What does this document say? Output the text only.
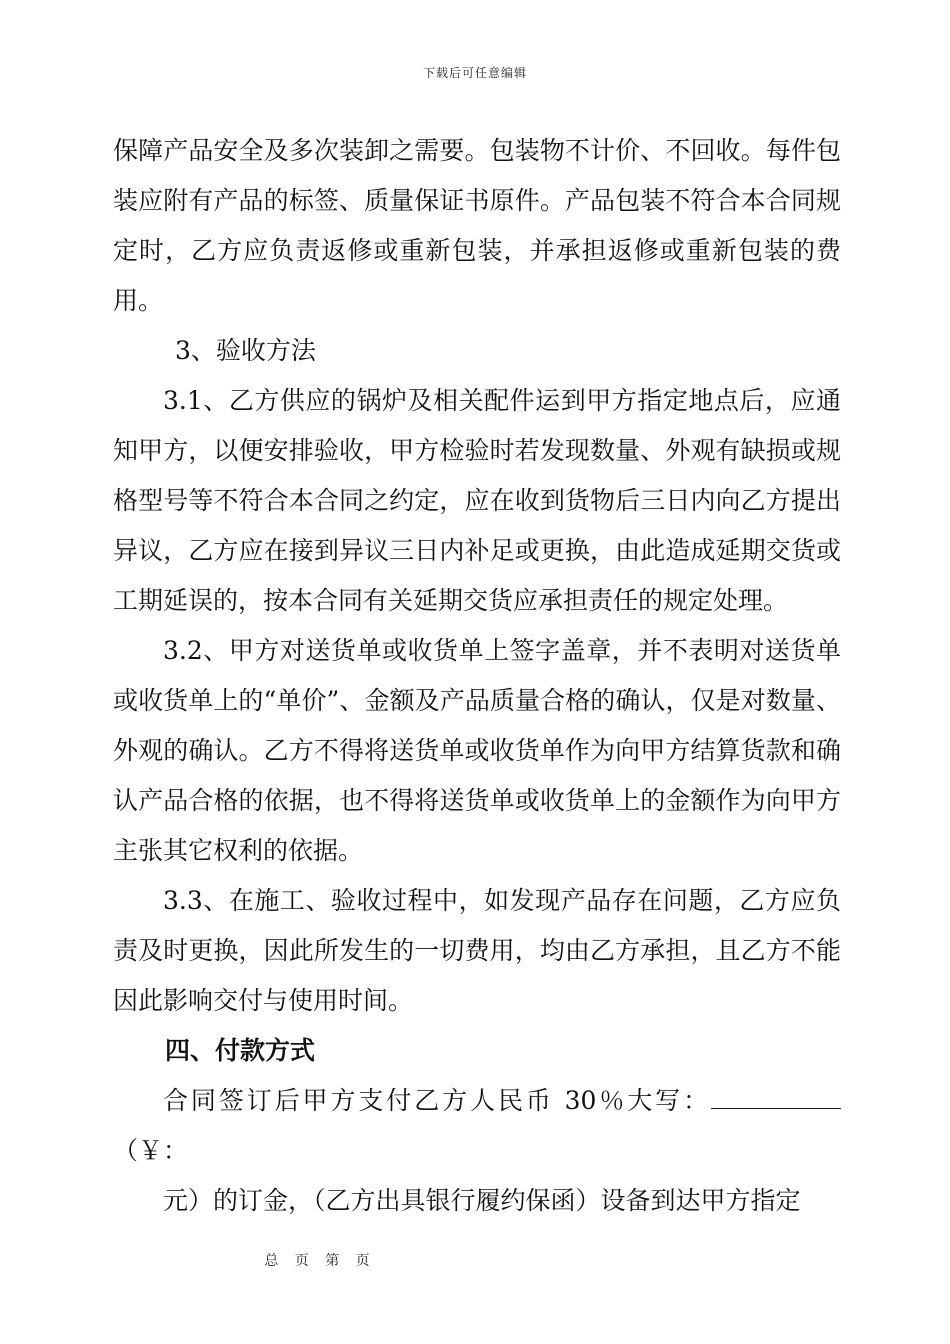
下载后可任意编辑

保障产品安全及多次装卸之需要。包装物不计价、不回收。每件包装应附有产品的标签、质量保证书原件。产品包装不符合本合同规定时，乙方应负责返修或重新包装，并承担返修或重新包装的费用。

3、验收方法

3.1、乙方供应的锅炉及相关配件运到甲方指定地点后，应通知甲方，以便安排验收，甲方检验时若发现数量、外观有缺损或规格型号等不符合本合同之约定，应在收到货物后三日内向乙方提出异议，乙方应在接到异议三日内补足或更换，由此造成延期交货或工期延误的，按本合同有关延期交货应承担责任的规定处理。

3.2、甲方对送货单或收货单上签字盖章，并不表明对送货单或收货单上的“单价”、金额及产品质量合格的确认，仅是对数量、外观的确认。乙方不得将送货单或收货单作为向甲方结算货款和确认产品合格的依据，也不得将送货单或收货单上的金额作为向甲方主张其它权利的依据。

3.3、在施工、验收过程中，如发现产品存在问题，乙方应负责及时更换，因此所发生的一切费用，均由乙方承担，且乙方不能因此影响交付与使用时间。

四、付款方式

合同签订后甲方支付乙方人民币 30％大写：（￥：

元）的订金，（乙方出具银行履约保函）设备到达甲方指定

总 页 第 页
